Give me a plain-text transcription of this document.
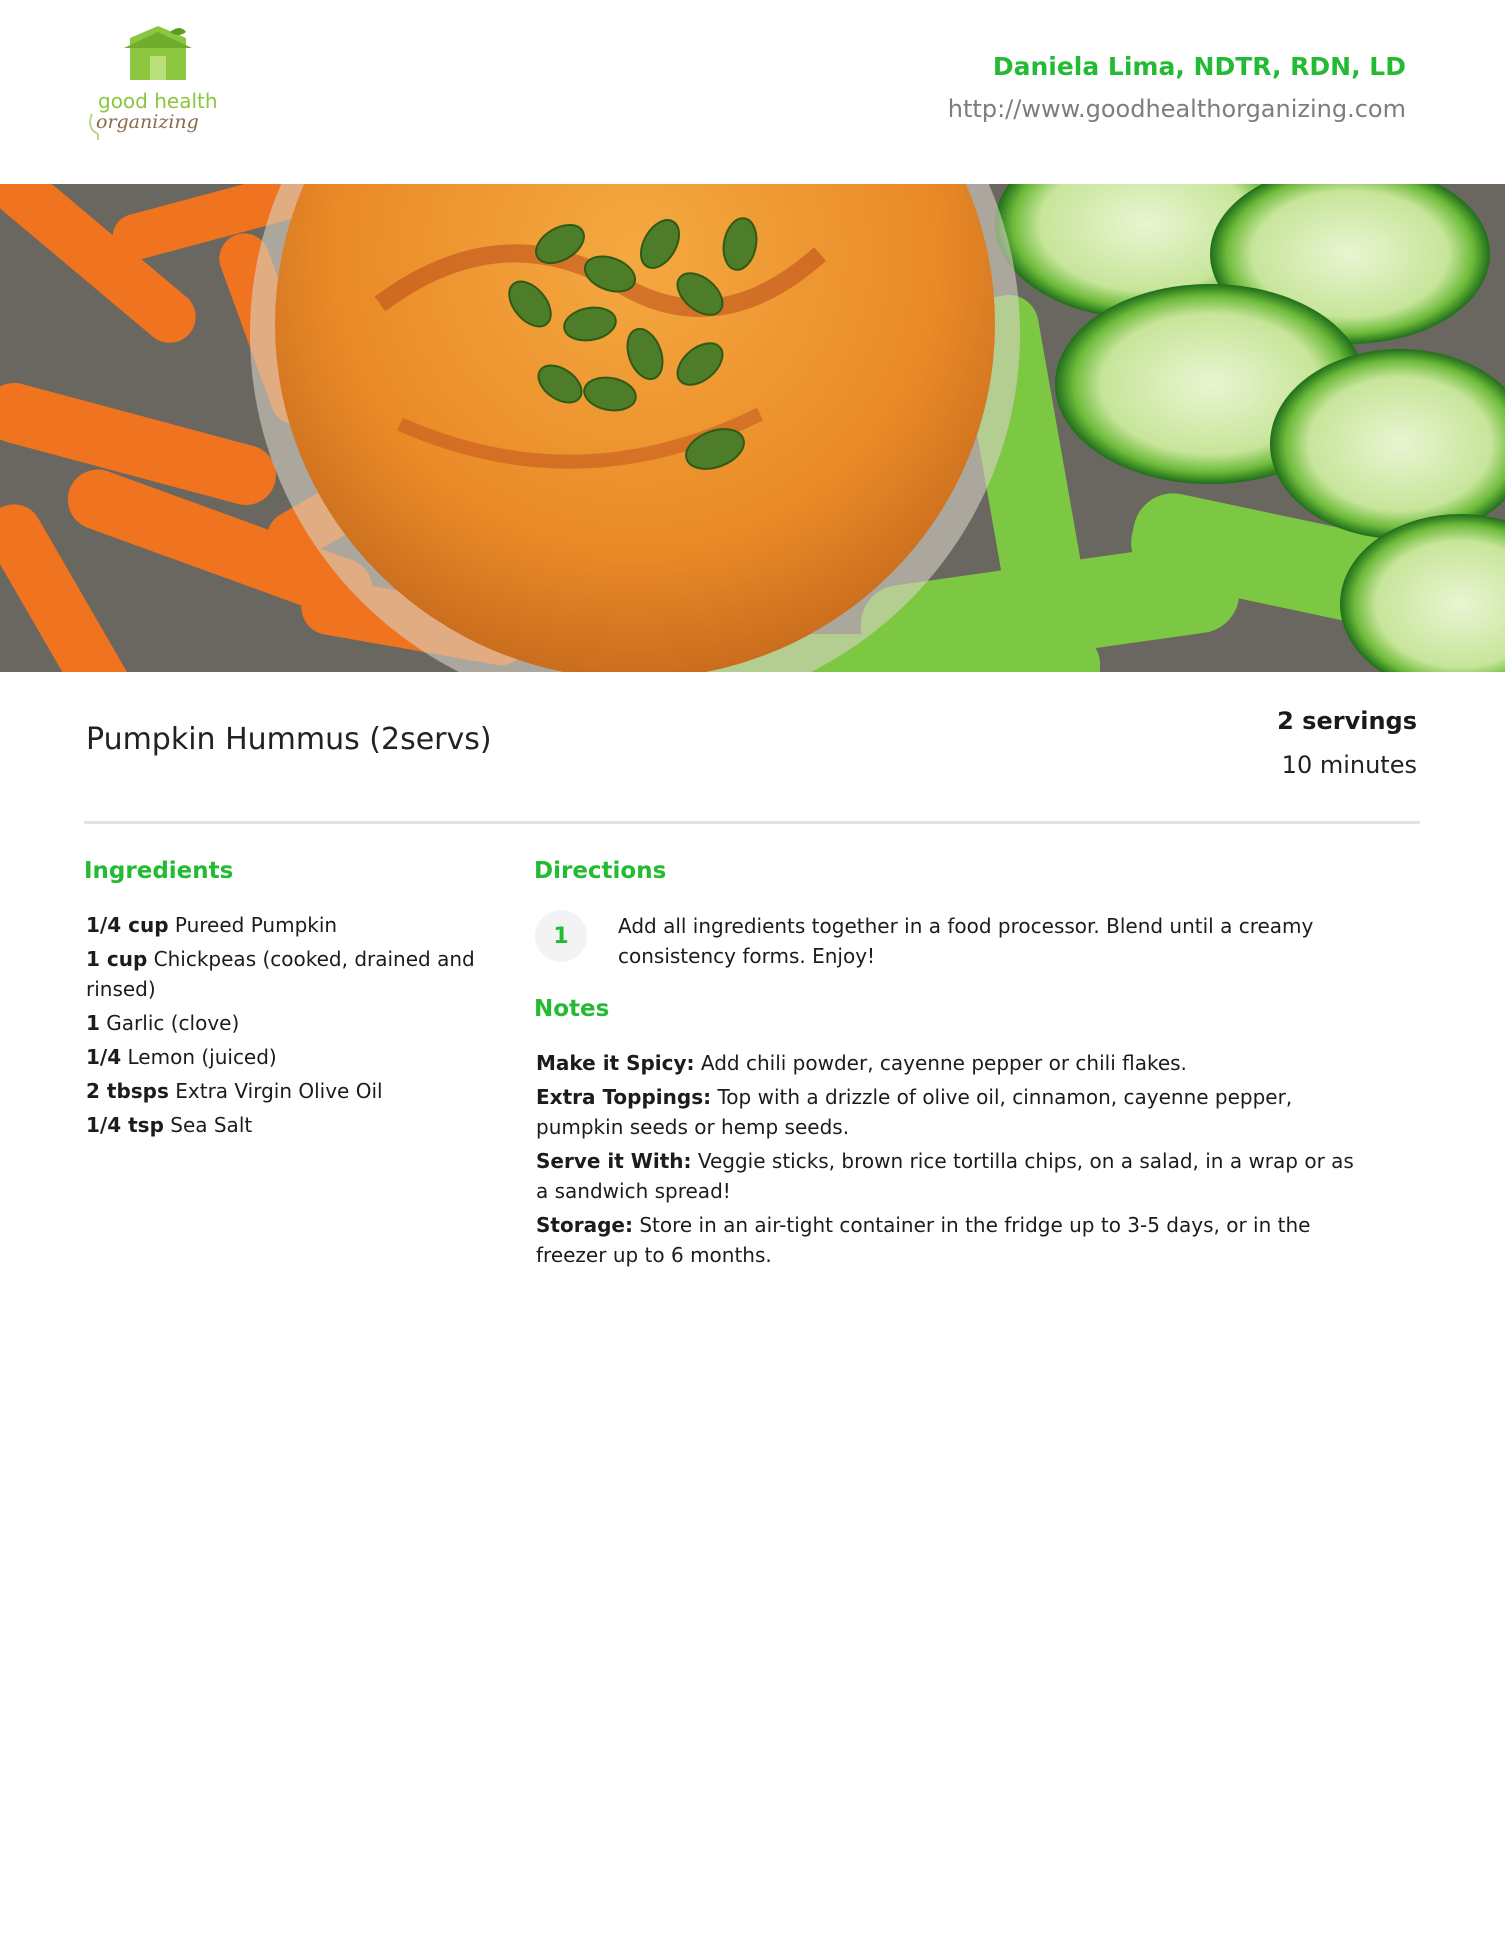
good health
organizing
Daniela Lima, NDTR, RDN, LD
http://www.goodhealthorganizing.com
Pumpkin Hummus (2servs)
2 servings
10 minutes
Ingredients
1/4 cup Pureed Pumpkin
1 cup Chickpeas (cooked, drained and rinsed)
1 Garlic (clove)
1/4 Lemon (juiced)
2 tbsps Extra Virgin Olive Oil
1/4 tsp Sea Salt
Directions
1	Add all ingredients together in a food processor. Blend until a creamy consistency forms. Enjoy!
Notes
Make it Spicy: Add chili powder, cayenne pepper or chili flakes.
Extra Toppings: Top with a drizzle of olive oil, cinnamon, cayenne pepper, pumpkin seeds or hemp seeds.
Serve it With: Veggie sticks, brown rice tortilla chips, on a salad, in a wrap or as a sandwich spread!
Storage: Store in an air-tight container in the fridge up to 3-5 days, or in the freezer up to 6 months.
